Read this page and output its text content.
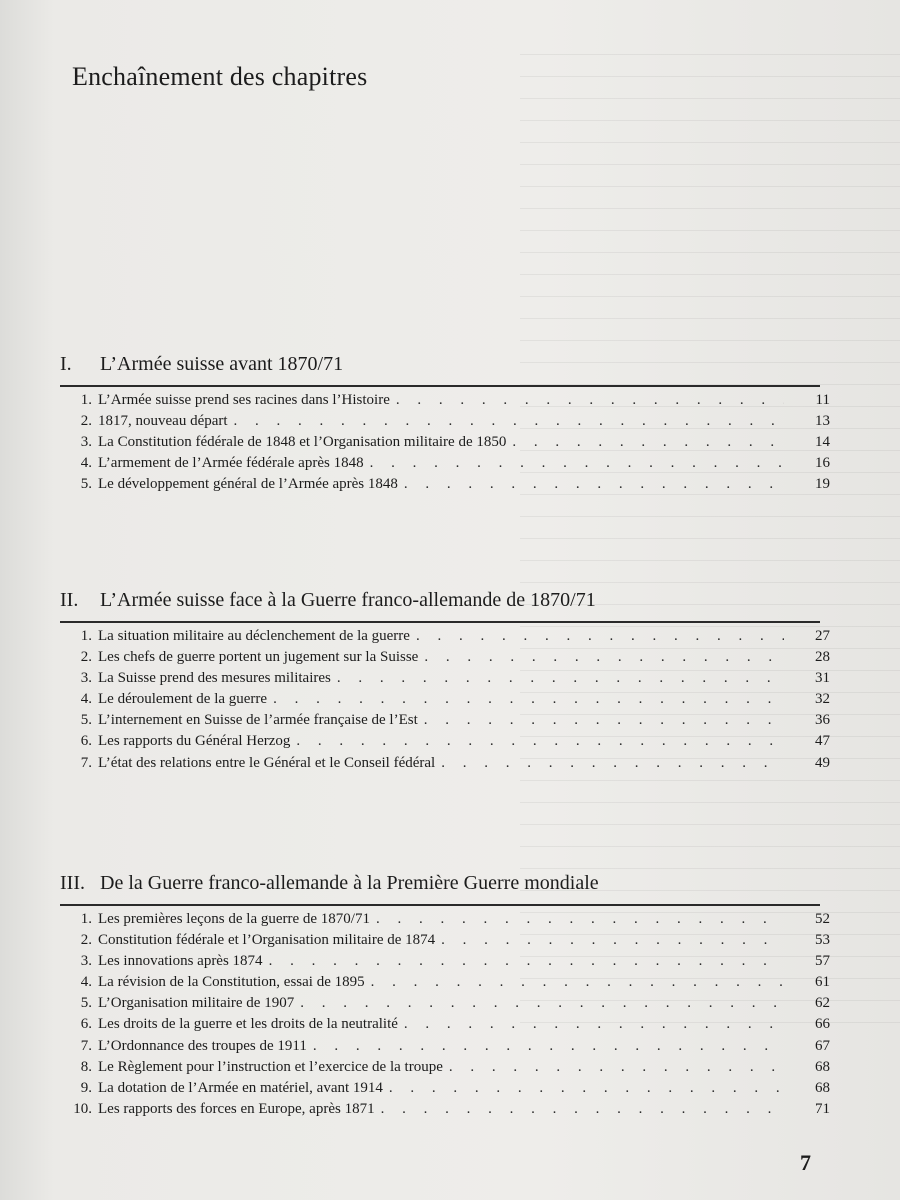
Enchaînement des chapitres
I. L’Armée suisse avant 1870/71
1. L’Armée suisse prend ses racines dans l’Histoire . . .	11
2. 1817, nouveau départ . . .	13
3. La Constitution fédérale de 1848 et l’Organisation militaire de 1850 . . .	14
4. L’armement de l’Armée fédérale après 1848 . . .	16
5. Le développement général de l’Armée après 1848 . . .	19
II. L’Armée suisse face à la Guerre franco-allemande de 1870/71
1. La situation militaire au déclenchement de la guerre . . .	27
2. Les chefs de guerre portent un jugement sur la Suisse . . .	28
3. La Suisse prend des mesures militaires . . .	31
4. Le déroulement de la guerre . . .	32
5. L’internement en Suisse de l’armée française de l’Est . . .	36
6. Les rapports du Général Herzog . . .	47
7. L’état des relations entre le Général et le Conseil fédéral . . .	49
III. De la Guerre franco-allemande à la Première Guerre mondiale
1. Les premières leçons de la guerre de 1870/71 . . .	52
2. Constitution fédérale et l’Organisation militaire de 1874 . . .	53
3. Les innovations après 1874 . . .	57
4. La révision de la Constitution, essai de 1895 . . .	61
5. L’Organisation militaire de 1907 . . .	62
6. Les droits de la guerre et les droits de la neutralité . . .	66
7. L’Ordonnance des troupes de 1911 . . .	67
8. Le Règlement pour l’instruction et l’exercice de la troupe . . .	68
9. La dotation de l’Armée en matériel, avant 1914 . . .	68
10. Les rapports des forces en Europe, après 1871 . . .	71
7
